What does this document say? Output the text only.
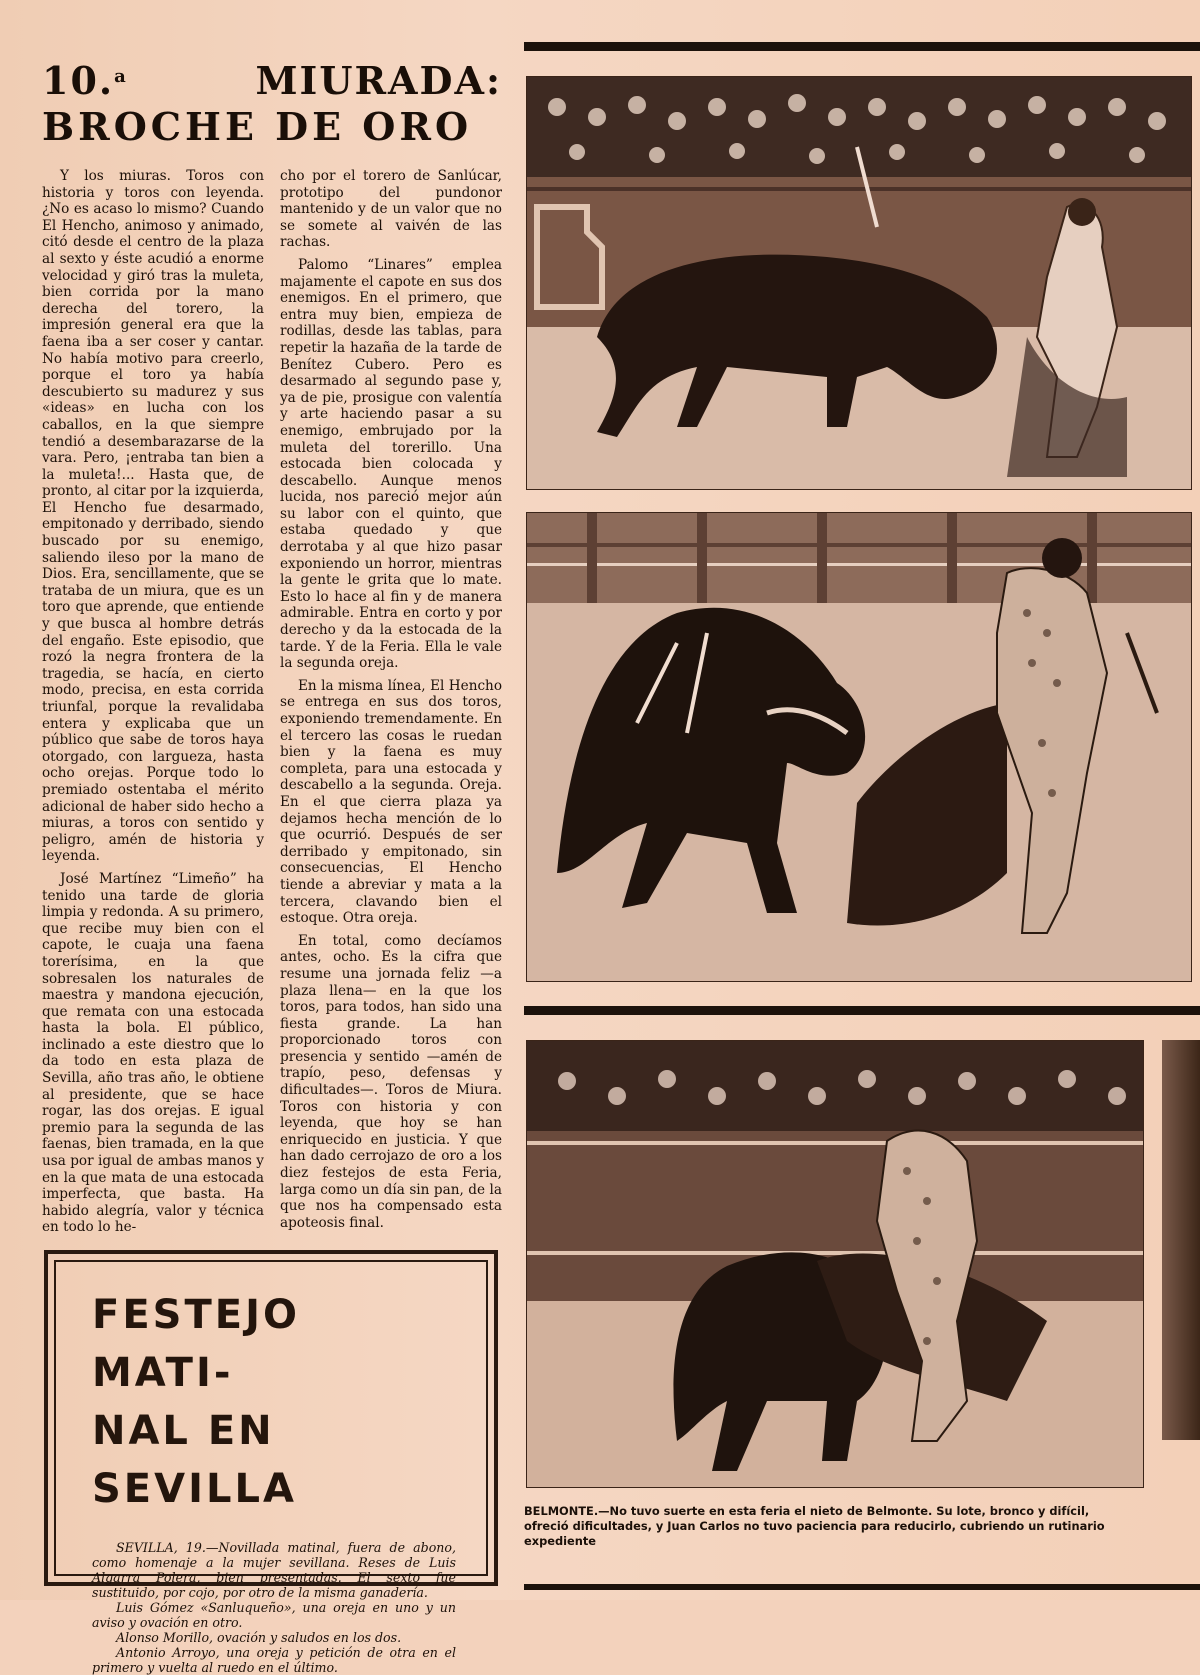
10.$^a$	MIURADA:
BROCHE DE ORO

Y los miuras. Toros con historia y toros con leyenda. ¿No es acaso lo mismo? Cuando El Hencho, animoso y animado, citó desde el centro de la plaza al sexto y éste acudió a enorme velocidad y giró tras la muleta, bien corrida por la mano derecha del torero, la impresión general era que la faena iba a ser coser y cantar. No había motivo para creerlo, porque el toro ya había descubierto su madurez y sus «ideas» en lucha con los caballos, en la que siempre tendió a desembarazarse de la vara. Pero, ¡entraba tan bien a la muleta!... Hasta que, de pronto, al citar por la izquierda, El Hencho fue desarmado, empitonado y derribado, siendo buscado por su enemigo, saliendo ileso por la mano de Dios. Era, sencillamente, que se trataba de un miura, que es un toro que aprende, que entiende y que busca al hombre detrás del engaño. Este episodio, que rozó la negra frontera de la tragedia, se hacía, en cierto modo, precisa, en esta corrida triunfal, porque la revalidaba entera y explicaba que un público que sabe de toros haya otorgado, con largueza, hasta ocho orejas. Porque todo lo premiado ostentaba el mérito adicional de haber sido hecho a miuras, a toros con sentido y peligro, amén de historia y leyenda.

José Martínez “Limeño” ha tenido una tarde de gloria limpia y redonda. A su primero, que recibe muy bien con el capote, le cuaja una faena torerísima, en la que sobresalen los naturales de maestra y mandona ejecución, que remata con una estocada hasta la bola. El público, inclinado a este diestro que lo da todo en esta plaza de Sevilla, año tras año, le obtiene al presidente, que se hace rogar, las dos orejas. E igual premio para la segunda de las faenas, bien tramada, en la que usa por igual de ambas manos y en la que mata de una estocada imperfecta, que basta. Ha habido alegría, valor y técnica en todo lo he-

cho por el torero de Sanlúcar, prototipo del pundonor mantenido y de un valor que no se somete al vaivén de las rachas.

Palomo “Linares” emplea majamente el capote en sus dos enemigos. En el primero, que entra muy bien, empieza de rodillas, desde las tablas, para repetir la hazaña de la tarde de Benítez Cubero. Pero es desarmado al segundo pase y, ya de pie, prosigue con valentía y arte haciendo pasar a su enemigo, embrujado por la muleta del torerillo. Una estocada bien colocada y descabello. Aunque menos lucida, nos pareció mejor aún su labor con el quinto, que estaba quedado y que derrotaba y al que hizo pasar exponiendo un horror, mientras la gente le grita que lo mate. Esto lo hace al fin y de manera admirable. Entra en corto y por derecho y da la estocada de la tarde. Y de la Feria. Ella le vale la segunda oreja.

En la misma línea, El Hencho se entrega en sus dos toros, exponiendo tremendamente. En el tercero las cosas le ruedan bien y la faena es muy completa, para una estocada y descabello a la segunda. Oreja. En el que cierra plaza ya dejamos hecha mención de lo que ocurrió. Después de ser derribado y empitonado, sin consecuencias, El Hencho tiende a abreviar y mata a la tercera, clavando bien el estoque. Otra oreja.

En total, como decíamos antes, ocho. Es la cifra que resume una jornada feliz —a plaza llena— en la que los toros, para todos, han sido una fiesta grande. La han proporcionado toros con presencia y sentido —amén de trapío, peso, defensas y dificultades—. Toros de Miura. Toros con historia y con leyenda, que hoy se han enriquecido en justicia. Y que han dado cerrojazo de oro a los diez festejos de esta Feria, larga como un día sin pan, de la que nos ha compensado esta apoteosis final.

FESTEJO MATI-
NAL EN SEVILLA

SEVILLA, 19.—Novillada matinal, fuera de abono, como homenaje a la mujer sevillana. Reses de Luis Algarra Polera, bien presentadas. El sexto fue sustituido, por cojo, por otro de la misma ganadería.

Luis Gómez «Sanluqueño», una oreja en uno y un aviso y ovación en otro.

Alonso Morillo, ovación y saludos en los dos.

Antonio Arroyo, una oreja y petición de otra en el primero y vuelta al ruedo en el último.

BELMONTE.—No tuvo suerte en esta feria el nieto de Belmonte. Su lote, bronco y difícil, ofreció dificultades, y Juan Carlos no tuvo paciencia para reducirlo, cubriendo un rutinario expediente
